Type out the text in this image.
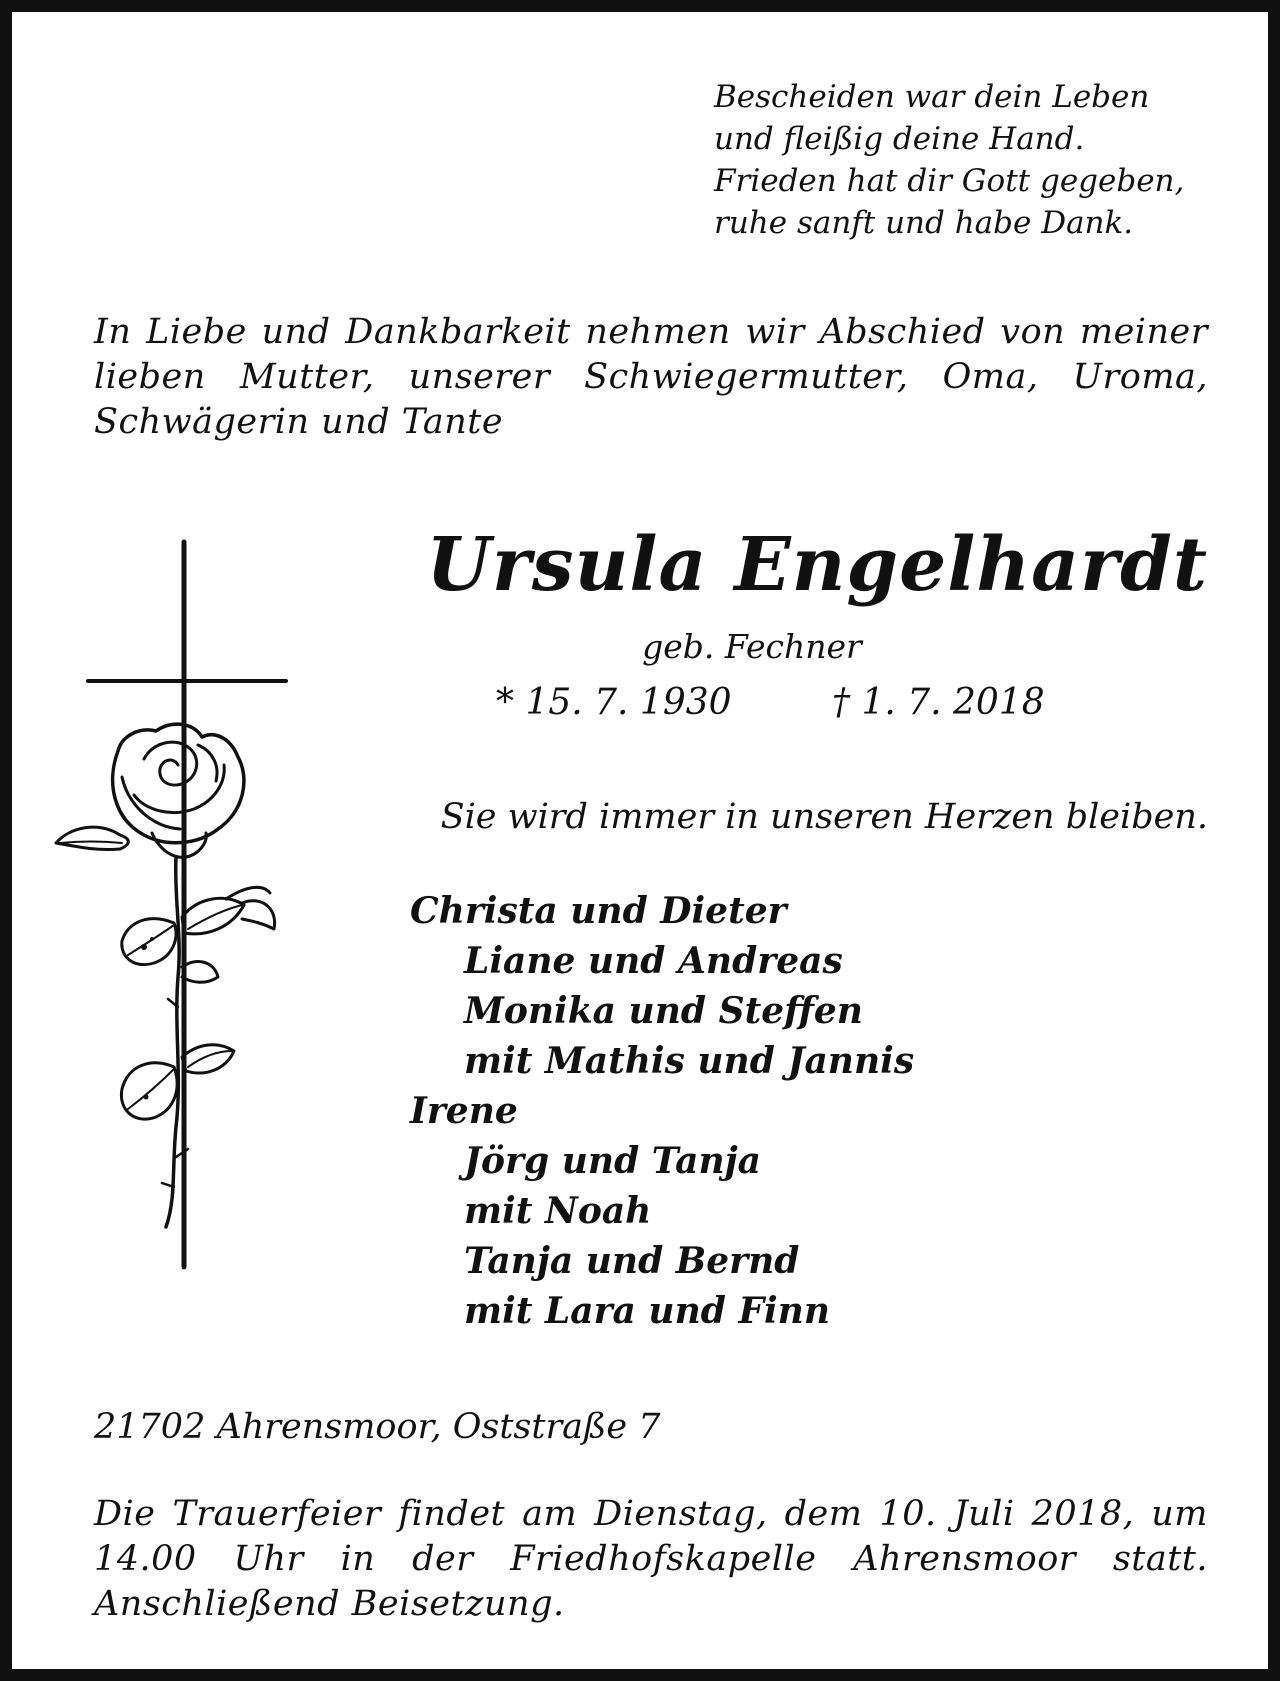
Bescheiden war dein Leben
und fleißig deine Hand.
Frieden hat dir Gott gegeben,
ruhe sanft und habe Dank.
In Liebe und Dankbarkeit nehmen wir Abschied von meiner lieben Mutter, unserer Schwiegermutter, Oma, Uroma, Schwägerin und Tante
Ursula Engelhardt
geb. Fechner
* 15. 7. 1930	† 1. 7. 2018
Sie wird immer in unseren Herzen bleiben.
Christa und Dieter
Liane und Andreas
Monika und Steffen
mit Mathis und Jannis
Irene
Jörg und Tanja
mit Noah
Tanja und Bernd
mit Lara und Finn
21702 Ahrensmoor, Oststraße 7
Die Trauerfeier findet am Dienstag, dem 10. Juli 2018, um 14.00 Uhr in der Friedhofskapelle Ahrensmoor statt. Anschließend Beisetzung.
